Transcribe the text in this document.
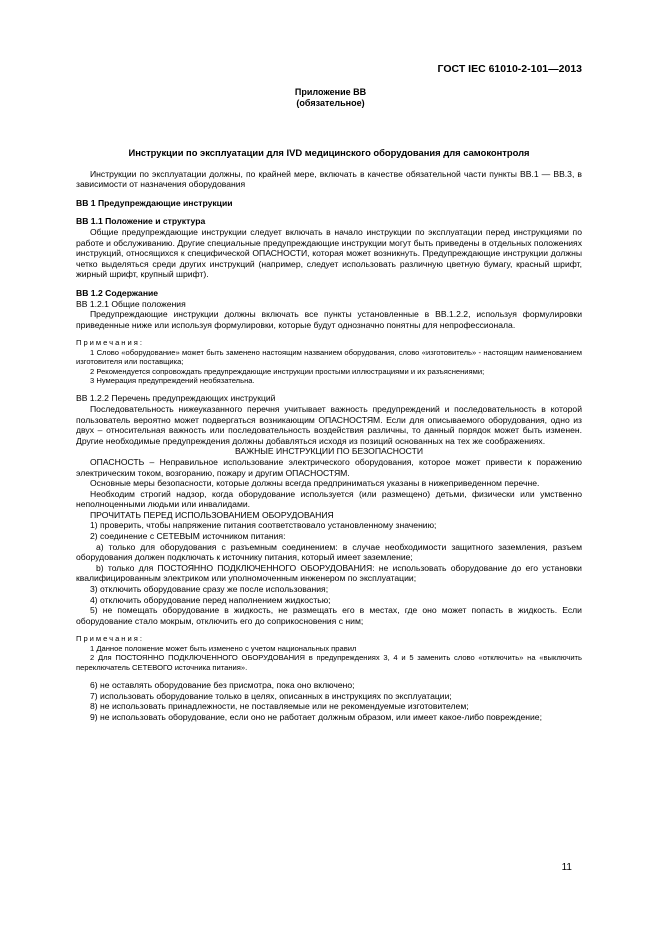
ГОСТ IEC 61010-2-101—2013
Приложение ВВ
(обязательное)
Инструкции по эксплуатации для IVD медицинского оборудования для самоконтроля

Инструкции по эксплуатации должны, по крайней мере, включать в качестве обязательной части пункты ВВ.1 — ВВ.3, в зависимости от назначения оборудования

ВВ 1 Предупреждающие инструкции

ВВ 1.1 Положение и структура

Общие предупреждающие инструкции следует включать в начало инструкции по эксплуатации перед инструкциями по работе и обслуживанию. Другие специальные предупреждающие инструкции могут быть приведены в отдельных положениях инструкций, относящихся к специфической ОПАСНОСТИ, которая может возникнуть. Предупреждающие инструкции должны четко выделяться среди других инструкций (например, следует использовать различную цветную бумагу, красный шрифт, жирный шрифт, крупный шрифт).

ВВ 1.2 Содержание

ВВ 1.2.1 Общие положения

Предупреждающие инструкции должны включать все пункты установленные в ВВ.1.2.2, используя формулировки приведенные ниже или используя формулировки, которые будут однозначно понятны для непрофессионала.

Примечания:

1 Слово «оборудование» может быть заменено настоящим названием оборудования, слово «изготовитель» - настоящим наименованием изготовителя или поставщика;

2 Рекомендуется сопровождать предупреждающие инструкции простыми иллюстрациями и их разъяснениями;

3 Нумерация предупреждений необязательна.

ВВ 1.2.2 Перечень предупреждающих инструкций

Последовательность нижеуказанного перечня учитывает важность предупреждений и последовательность в которой пользователь вероятно может подвергаться возникающим ОПАСНОСТЯМ. Если для описываемого оборудования, одно из двух – относительная важность или последовательность воздействия различны, то данный порядок может быть изменен. Другие необходимые предупреждения должны добавляться исходя из позиций основанных на тех же соображениях.

ВАЖНЫЕ ИНСТРУКЦИИ ПО БЕЗОПАСНОСТИ

ОПАСНОСТЬ – Неправильное использование электрического оборудования, которое может привести к поражению электрическим током, возгоранию, пожару и другим ОПАСНОСТЯМ.

Основные меры безопасности, которые должны всегда предприниматься указаны в нижеприведенном перечне.

Необходим строгий надзор, когда оборудование используется (или размещено) детьми, физически или умственно неполноценными людьми или инвалидами.

ПРОЧИТАТЬ ПЕРЕД ИСПОЛЬЗОВАНИЕМ ОБОРУДОВАНИЯ

1) проверить, чтобы напряжение питания соответствовало установленному значению;

2) соединение с СЕТЕВЫМ источником питания:

а) только для оборудования с разъемным соединением: в случае необходимости защитного заземления, разъем оборудования должен подключать к источнику питания, который имеет заземление;

b) только для ПОСТОЯННО ПОДКЛЮЧЕННОГО ОБОРУДОВАНИЯ: не использовать оборудование до его установки квалифицированным электриком или уполномоченным инженером по эксплуатации;

3) отключить оборудование сразу же после использования;

4) отключить оборудование перед наполнением жидкостью;

5) не помещать оборудование в жидкость, не размещать его в местах, где оно может попасть в жидкость. Если оборудование стало мокрым, отключить его до соприкосновения с ним;

Примечания:

1 Данное положение может быть изменено с учетом национальных правил

2 Для ПОСТОЯННО ПОДКЛЮЧЕННОГО ОБОРУДОВАНИЯ в предупреждениях 3, 4 и 5 заменить слово «отключить» на «выключить переключатель СЕТЕВОГО источника питания».

6) не оставлять оборудование без присмотра, пока оно включено;

7) использовать оборудование только в целях, описанных в инструкциях по эксплуатации;

8) не использовать принадлежности, не поставляемые или не рекомендуемые изготовителем;

9) не использовать оборудование, если оно не работает должным образом, или имеет какое-либо повреждение;

11
